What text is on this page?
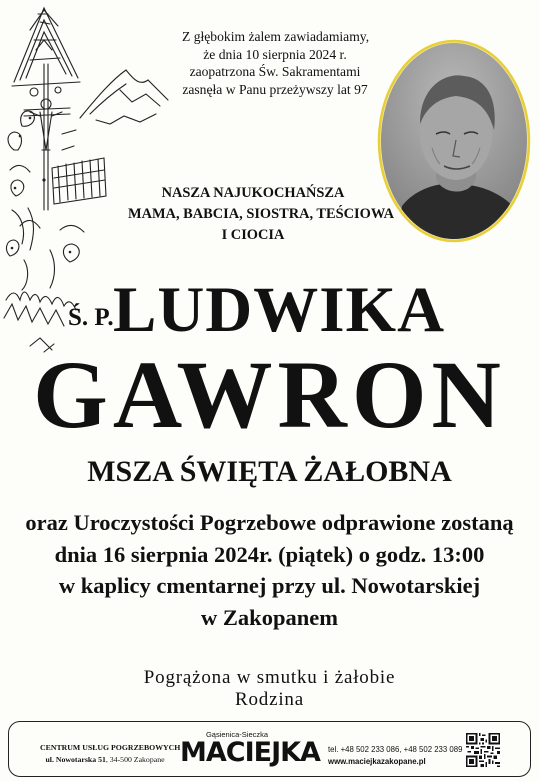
Z głębokim żalem zawiadamiamy,
że dnia 10 sierpnia 2024 r.
zaopatrzona Św. Sakramentami
zasnęła w Panu przeżywszy lat 97
NASZA NAJUKOCHAŃSZA
MAMA, BABCIA, SIOSTRA, TEŚCIOWA
I CIOCIA
Ś. P. LUDWIKA
GAWRON
MSZA ŚWIĘTA ŻAŁOBNA
oraz Uroczystości Pogrzebowe odprawione zostaną
dnia 16 sierpnia 2024r. (piątek) o godz. 13:00
w kaplicy cmentarnej przy ul. Nowotarskiej
w Zakopanem
Pogrążona w smutku i żałobie
Rodzina
CENTRUM USŁUG POGRZEBOWYCH
ul. Nowotarska 51, 34-500 Zakopane
Gąsienica-Sieczka
MACIEJKA tel. +48 502 233 086, +48 502 233 089
www.maciejkazakopane.pl
